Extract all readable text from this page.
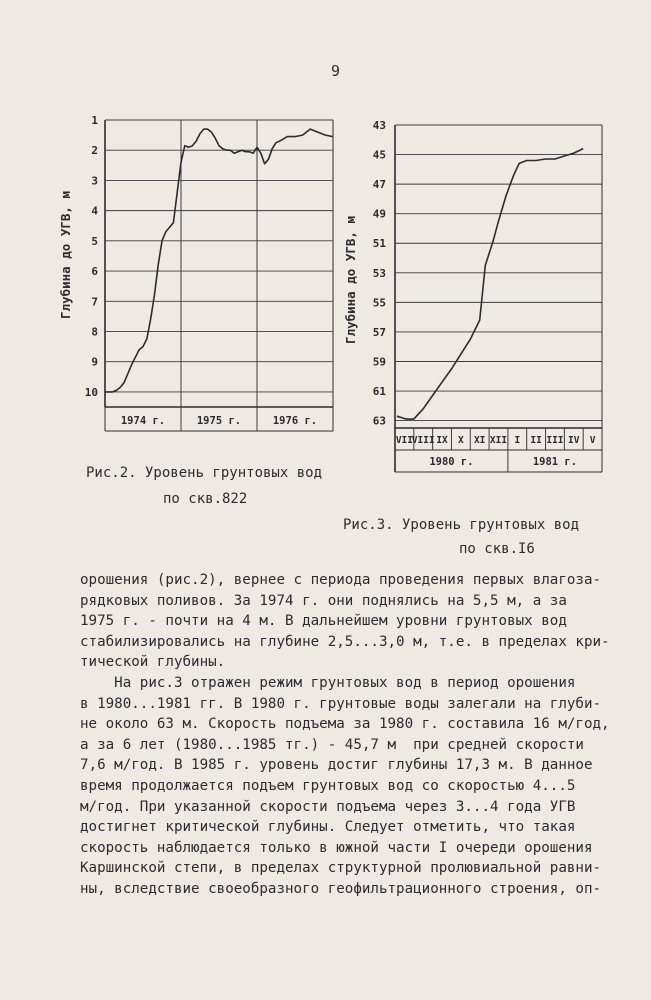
9
Глубина до УГВ, м
1
2
3
4
5
6
7
8
9
10
1974 г.	1975 г.	1976 г.
Рис.2. Уровень грунтовых вод
по скв.822
Глубина до УГВ, м
43
45
47
49
51
53
55
57
59
61
63
VII
VIII IX X XI XII I II III IV V
1980 г.	1981 г.
Рис.3. Уровень грунтовых вод
по скв.I6
орошения (рис.2), вернее с периода проведения первых влагоза-
рядковых поливов. За 1974 г. они поднялись на 5,5 м, а за
1975 г. - почти на 4 м. В дальнейшем уровни грунтовых вод
стабилизировались на глубине 2,5...3,0 м, т.е. в пределах кри-
тической глубины.
На рис.3 отражен режим грунтовых вод в период орошения
в 1980...1981 гг. В 1980 г. грунтовые воды залегали на глуби-
не около 63 м. Скорость подъема за 1980 г. составила 16 м/год,
а за 6 лет (1980...1985 тг.) - 45,7 м  при средней скорости
7,6 м/год. В 1985 г. уровень достиг глубины 17,3 м. В данное
время продолжается подъем грунтовых вод со скоростью 4...5
м/год. При указанной скорости подъема через 3...4 года УГВ
достигнет критической глубины. Следует отметить, что такая
скорость наблюдается только в южной части I очереди орошения
Каршинской степи, в пределах структурной пролювиальной равни-
ны, вследствие своеобразного геофильтрационного строения, оп-
